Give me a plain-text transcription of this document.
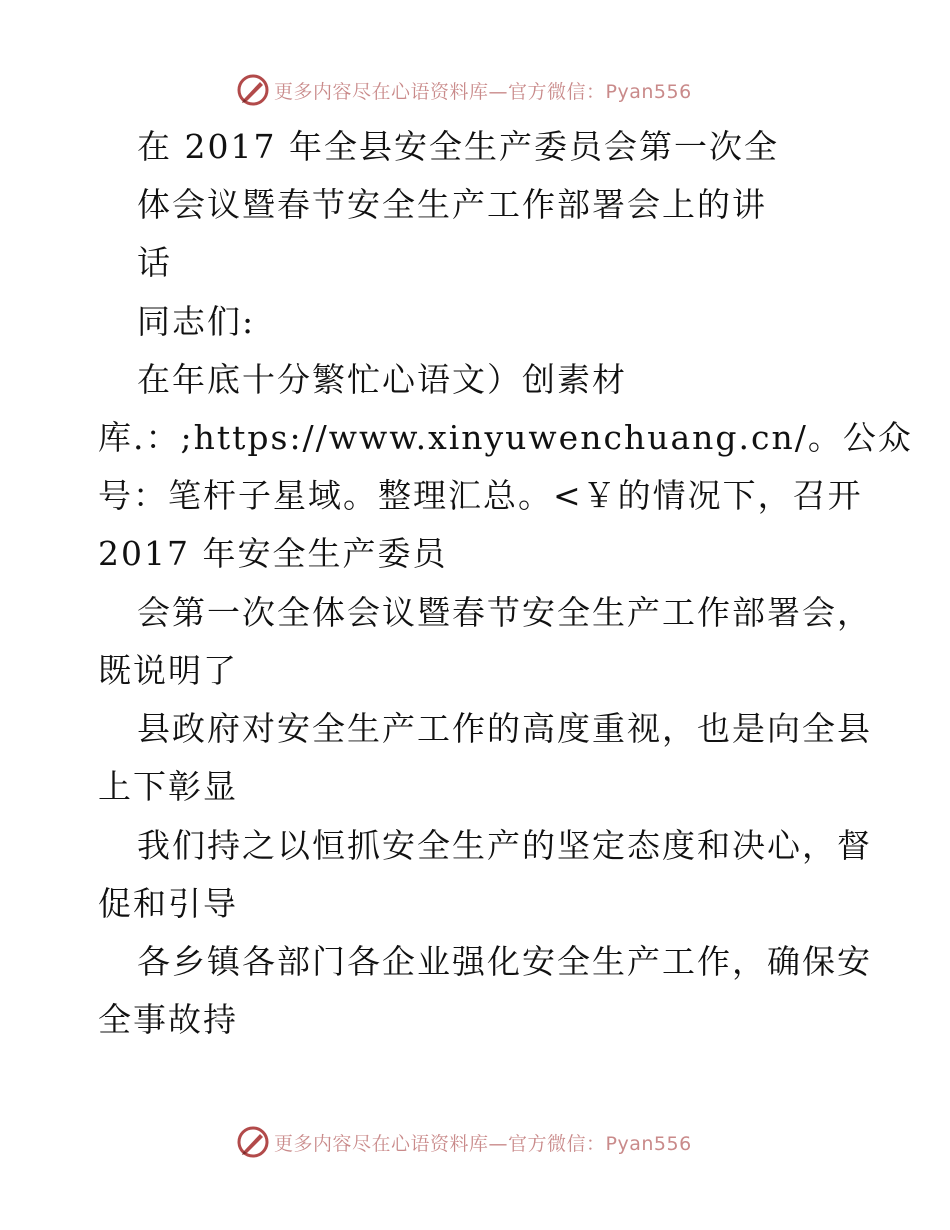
更多内容尽在心语资料库—官方微信：Pyan556
在 2017 年全县安全生产委员会第一次全
体会议暨春节安全生产工作部署会上的讲
话
同志们:
在年底十分繁忙心语文）创素材
库.：;https://www.xinyuwenchuang.cn/。公众
号：笔杆子星域。整理汇总。<￥的情况下，召开
2017 年安全生产委员
会第一次全体会议暨春节安全生产工作部署会，
既说明了
县政府对安全生产工作的高度重视，也是向全县
上下彰显
我们持之以恒抓安全生产的坚定态度和决心，督
促和引导
各乡镇各部门各企业强化安全生产工作，确保安
全事故持
更多内容尽在心语资料库—官方微信：Pyan556
